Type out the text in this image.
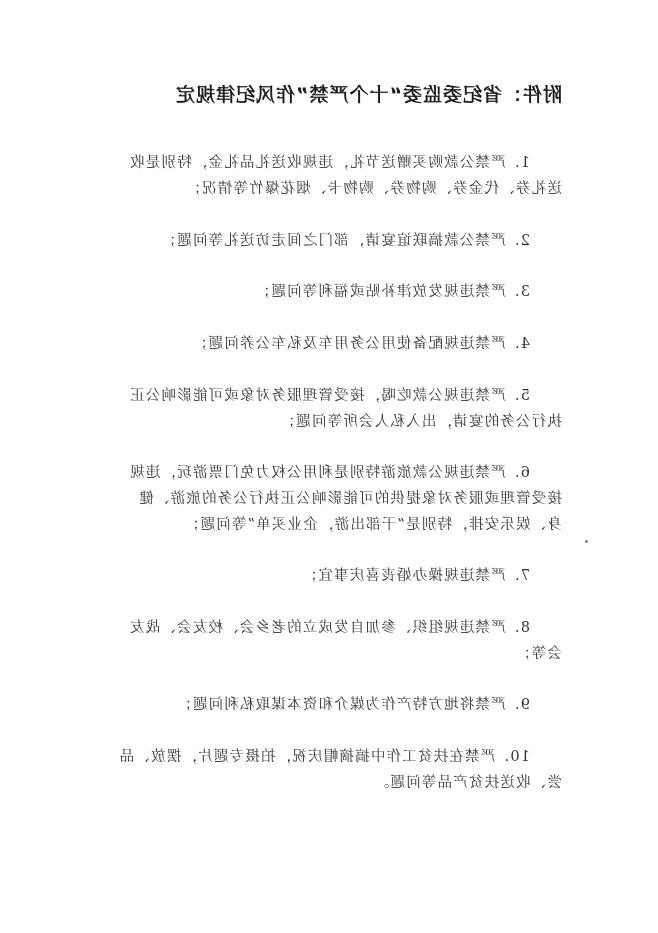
附件：省纪委监委“十个严禁”作风纪律规定
1.严禁公款购买赠送节礼，违规收送礼品礼金，特别是收
送礼券、代金券、购物券、购物卡、烟花爆竹等情况；
2.严禁公款搞联谊宴请，部门之间走访送礼等问题；
3.严禁违规发放津补贴或福利等问题；
4.严禁违规配备使用公务用车及私车公养问题；
5.严禁违规公款吃喝，接受管理服务对象或可能影响公正
执行公务的宴请，出入私人会所等问题；
6.严禁违规公款旅游特别是利用公权力免门票游玩，违规
接受管理或服务对象提供的可能影响公正执行公务的旅游、健
身、娱乐安排，特别是“干部出游，企业买单”等问题；
7.严禁违规操办婚丧喜庆事宜；
8.严禁违规组织、参加自发成立的老乡会、校友会、战友
会等；
9.严禁将地方特产作为媒介和资本谋取私利问题；
10.严禁在扶贫工作中搞摘帽庆祝，拍摄专题片，摆放、品
尝、收送扶贫产品等问题。
